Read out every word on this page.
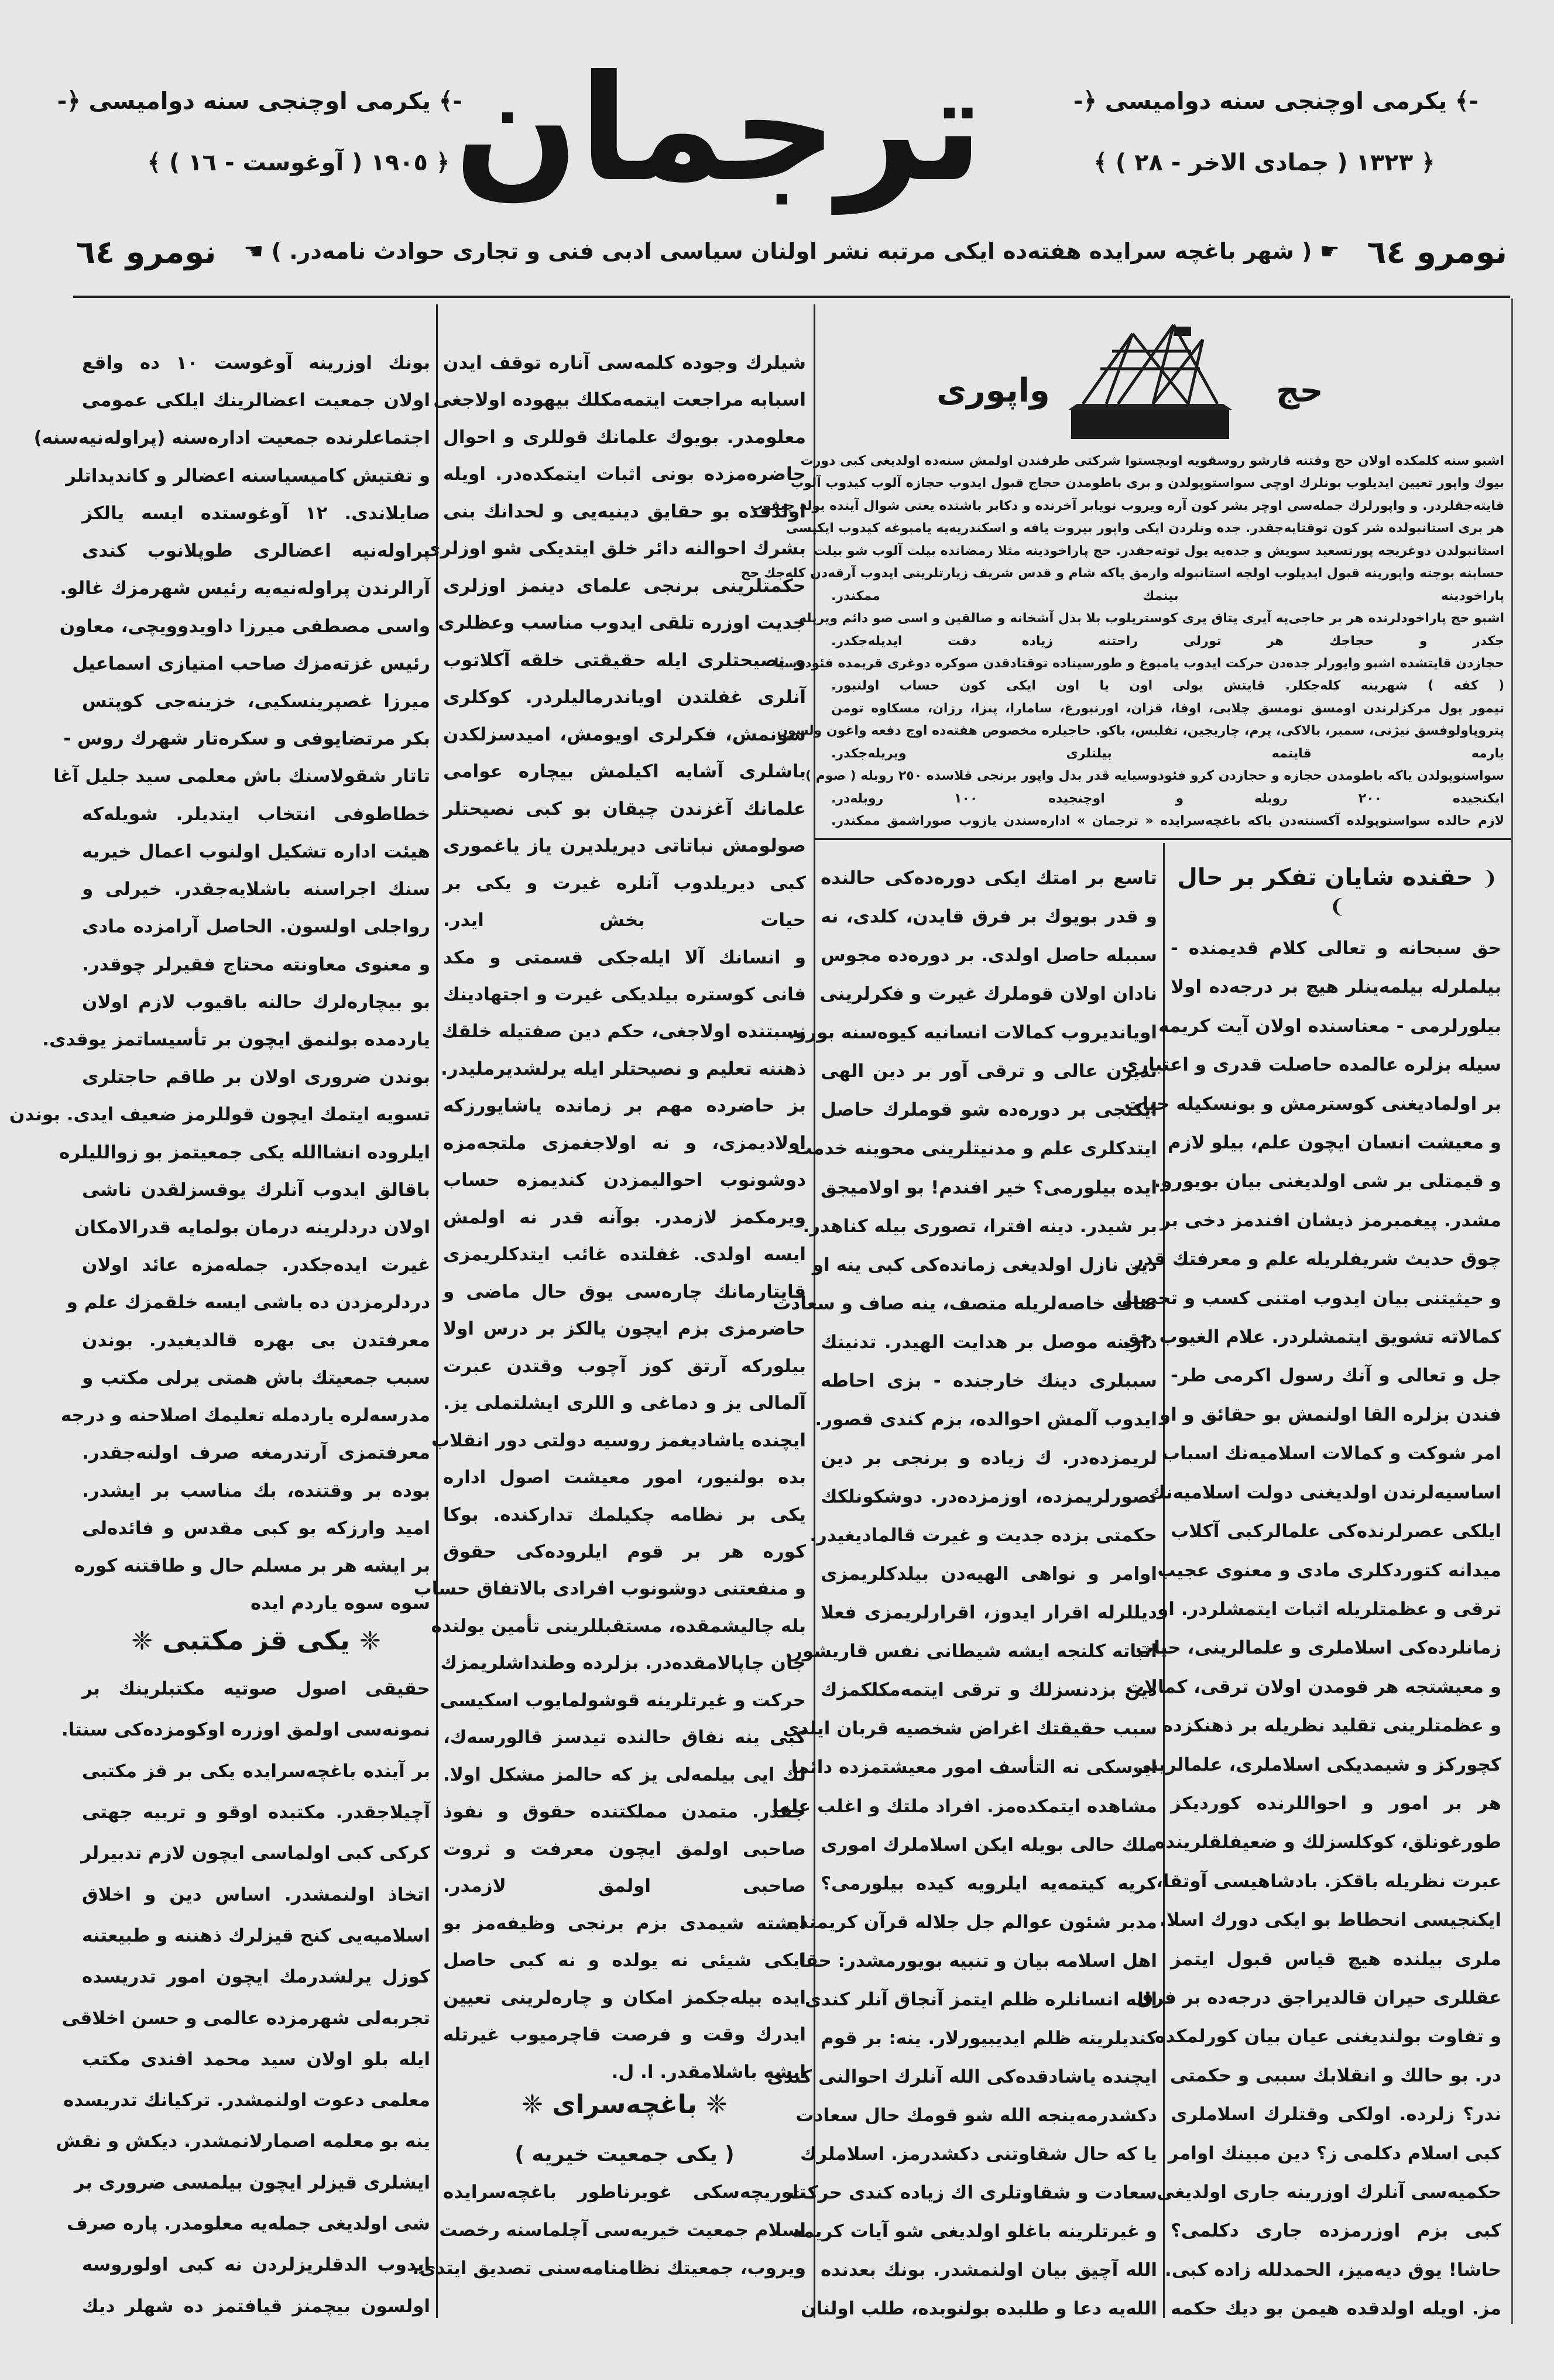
-﴾ یکرمی اوچنجی سنه دوامیسی ﴿-
﴿ ١٩٠٥ ( آوغوست - ١٦ ) ﴾ ترجمان	-﴾ یکرمی اوچنجی سنه دوامیسی ﴿-
﴿ ١٣٢٣ ( جمادی الاخر - ٢٨ ) ﴾
نومرو ٦٤
☛ ( شهر باغچه سرایده هفته‌ده ایکی مرتبه نشر اولنان سیاسی ادبی فنی و تجاری حوادث نامه‌در. ) ☚
نومرو ٦٤
حج
واپوری
اشبو سنه کلمکده اولان حج وقتنه قارشو روسقویه اوبچستوا شرکتی طرفندن اولمش سنه‌ده اولدیغی کبی دورت
بیوك واپور تعیین ایدیلوب بونلرك اوچی سواستوپولدن و بری باطومدن حجاج قبول ایدوب حجازه آلوب کیدوب آلوب
قایته‌جقلردر. و واپورلرك جمله‌سی اوچر بشر کون آره ویروب نویابر آخرنده و دکابر باشنده یعنی شوال آینده یوله چیقوب
هر بری استانبولده شر کون توقتایه‌جقدر. جده ونلردن ایکی واپور بیروت یافه و اسکندریه‌یه یامبوغه کیدوب ایکیسی
استانبولدن دوغریجه پورتسعید سویش و جده‌یه یول توته‌جقدر. حج پاراخودینه مثلا رمضانده بیلت آلوب شو بیلت
حسابنه بوجته واپورینه قبول ایدیلوب اولجه استانبوله وارمق یاکه شام و قدس شریف زیارتلرینی ایدوب آرقه‌دن کله‌جك حج
پاراخودینه بینمك ممکندر.
اشبو حج پاراخودلرنده هر بر حاجی‌یه آیری یتاق یری کوستریلوب بلا بدل آشخانه و صالقین و اسی صو دائم ویریله
جکدر و حجاجك هر تورلی راحتنه زیاده دقت ایدیله‌جکدر.
حجازدن قایتشده اشبو واپورلر جده‌دن حرکت ایدوب یامبوغ و طورسیناده توقتادقدن صوکره دوغری قریمده فئودوسیا
( کفه ) شهرینه کله‌جکلر. قایتش یولی اون یا اون ایکی کون حساب اولنیور.
تیمور یول مرکزلرندن اومسق تومسق چلابی، اوفا، قزان، اورنبورغ، سامارا، پنزا، رزان، مسکاوه تومن
پتروپاولوفسق نیژنی، سمبر، بالاکی، پرم، چاریجین، تفلیس، باکو. حاجیلره مخصوص هفته‌ده اوچ دفعه واغون ولسون
بارمه قایتمه بیلتلری ویریله‌جکدر.
سواستوپولدن یاکه باطومدن حجازه و حجازدن کرو فئودوسیایه قدر بدل واپور برنجی قلاسده ٢٥٠ روبله ( صوم )
ایکنجیده ٢٠٠ روبله و اوچنجیده ١٠٠ روبله‌در.
لازم حالده سواستوپولده آکسنته‌دن یاکه باغچه‌سرایده « ترجمان » اداره‌سندن یازوب صوراشمق ممکندر.
❨ حقنده شایان تفکر بر حال ❩
حق سبحانه و تعالی کلام قدیمنده -
بیلملرله بیلمه‌ینلر هیچ بر درجه‌ده اولا
بیلورلرمی - معناسنده اولان آیت کریمه
سیله بزلره عالمده حاصلت قدری و اعتباری
بر اولمادیغنی کوسترمش و بونسکیله حیات
و معیشت انسان ایچون علم، بیلو لازم
و قیمتلی بر شی اولدیغنی بیان بویورو.
مشدر. پیغمبرمز ذیشان افندمز دخی بر
چوق حدیث شریفلریله علم و معرفتك قدر
و حیثیتنی بیان ایدوب امتنی کسب و تحصیل
کمالاته تشویق ایتمشلردر. علام الغیوب حق
جل و تعالی و آنك رسول اکرمی طر-
فندن بزلره القا اولنمش بو حقائق و او
امر شوکت و کمالات اسلامیه‌نك اسباب
اساسیه‌لرندن اولدیغنی دولت اسلامیه‌نك
ایلکی عصرلرنده‌کی علمالرکبی آکلاب
میدانه کتوردکلری مادی و معنوی عجیب
ترقی و عظمتلریله اثبات ایتمشلردر. او
زمانلرده‌کی اسلاملری و علمالرینی، حیات
و معیشتجه هر قومدن اولان ترقی، کمالات
و عظمتلرینی تقلید نظریله بر ذهنکزده
کچورکز و شیمدیکی اسلاملری، علمالرینی
هر بر امور و احواللرنده کوردیکز
طورغونلق، کوکلسزلك و ضعیفلقلرینده
عبرت نظریله باقکز. بادشاهیسی آوتقا،
ایکنجیسی انحطاط بو ایکی دورك اسلا.
ملری بیلنده هیچ قیاس قبول ایتمز
عقللری حیران قالدیراجق درجه‌ده بر فرق
و تفاوت بولندیغنی عیان بیان کورلمکده
در. بو حالك و انقلابك سببی و حکمتی
ندر؟ زلرده. اولکی وقتلرك اسلاملری
کبی اسلام دکلمی ز؟ دین مبینك اوامر
حکمیه‌سی آنلرك اوزرینه جاری اولدیغی
کبی بزم اوزرمزده جاری دکلمی؟
حاشا! یوق دیه‌میز، الحمدلله زاده کبی.
مز. اویله اولدقده هیمن بو دیك حکمه
تاسع بر امتك ایکی دوره‌ده‌کی حالنده
و قدر بویوك بر فرق قایدن، کلدی، نه
سببله حاصل اولدی. بر دوره‌ده مجوس
نادان اولان قوملرك غیرت و فکرلرینی
اویاندیروب کمالات انسانیه کیوه‌سنه بورو.
تدیرن عالی و ترقی آور بر دین الهی
ایکنجی بر دوره‌ده شو قوملرك حاصل
ایتدکلری علم و مدنیتلرینی محوینه خدمت
ایده بیلورمی؟ خیر افندم! بو اولامیجق
بر شیدر. دینه افترا، تصوری بیله کناهدر.
دین نازل اولدیغی زمانده‌کی کبی ینه او
صاف خاصه‌لریله متصف، ینه صاف و سعادت
دارینه موصل بر هدایت الهیدر. تدنینك
سببلری دینك خارجنده - بزی احاطه
ایدوب آلمش احوالده، بزم کندی قصور.
لریمزده‌در. ك زیاده و برنجی بر دین
تصورلریمزده، اوزمزده‌در. دوشکونلکك
حکمتی بزده جدیت و غیرت قالمادیغیدر.
اوامر و نواهی الهیه‌دن بیلدکلریمزی
دیللرله اقرار ایدوز، اقرارلریمزی فعلا
اثباته کلنجه ایشه شیطانی نفس قاریشور.
دین بزدنسزلك و ترقی ایتمه‌مکلکمزك
سبب حقیقتك اغراض شخصیه قربان ایلدی
ایرسکی نه التأسف امور معیشتمزده دائما
مشاهده ایتمکده‌مز. افراد ملتك و اغلب علما
ملك حالی بویله ایکن اسلاملرك اموری
کریه کیتمه‌یه ایلرویه کیده بیلورمی؟
مدبر شئون عوالم جل جلاله قرآن کریمنده
اهل اسلامه بیان و تنبیه بویورمشدر: حقا
الله انسانلره ظلم ایتمز آنجاق آنلر کندی
کندیلرینه ظلم ایدیبیورلار. ینه: بر قوم
ایچنده یاشادقده‌کی الله آنلرك احوالنی کندی
دکشدرمه‌ینجه الله شو قومك حال سعادت
یا که حال شقاوتنی دکشدرمز. اسلاملرك
سعادت و شقاوتلری اك زیاده کندی حرکت
و غیرتلرینه باغلو اولدیغی شو آیات کریمه
الله آچیق بیان اولنمشدر. بونك بعدنده
الله‌یه دعا و طلبده بولنوبده، طلب اولنان
شیلرك وجوده کلمه‌سی آناره توقف ایدن
اسبابه مراجعت ایتمه‌مکلك بیهوده اولاجغی
معلومدر. بویوك علمانك قوللری و احوال
حاضره‌مزده بونی اثبات ایتمکده‌در. اویله
اولدقده بو حقایق دینیه‌یی و لحدانك بنی
بشرك احوالنه دائر خلق ایتدیکی شو اوزلری
حکمتلرینی برنجی علمای دینمز اوزلری
جدیت اوزره تلقی ایدوب مناسب وعظلری
و نصیحتلری ایله حقیقتی خلقه آکلاتوب
آنلری غفلتدن اویاندرمالیلردر. کوکلری
سونمش، فکرلری اویومش، امیدسزلکدن
باشلری آشایه اکیلمش بیچاره عوامی
علمانك آغزندن چیقان بو کبی نصیحتلر
صولومش نباتاتی دیریلدیرن یاز یاغموری
کبی دیریلدوب آنلره غیرت و یکی بر
حیات بخش ایدر.
و انسانك آلا ایله‌جکی قسمتی و مکد
فانی کوستره بیلدیکی غیرت و اجتهادینك
نسبتنده اولاجغی، حکم دین صفتیله خلقك
ذهننه تعلیم و نصیحتلر ایله یرلشدیرملیدر.
بز حاضرده مهم بر زمانده یاشایورزکه
اولادیمزی، و نه اولاجغمزی ملتجه‌مزه
دوشونوب احوالیمزدن کندیمزه حساب
ویرمکمز لازمدر. بوآنه قدر نه اولمش
ایسه اولدی. غفلتده غائب ایتدکلریمزی
قایتارمانك چاره‌سی یوق حال ماضی و
حاضرمزی بزم ایچون یالکز بر درس اولا
بیلورکه آرتق کوز آچوب وقتدن عبرت
آلمالی یز و دماغی و اللری ایشلتملی یز.
ایچنده یاشادیغمز روسیه دولتی دور انقلاب
بده بولنیور، امور معیشت اصول اداره
یکی بر نظامه چکیلمك تدارکنده. بوکا
کوره هر بر قوم ایلروده‌کی حقوق
و منفعتنی دوشونوب افرادی بالاتفاق حساب
بله چالیشمقده، مستقبللرینی تأمین یولنده
جان چاپالامقده‌در. بزلرده وطنداشلریمزك
حرکت و غیرتلرینه قوشولمایوب اسکیسی
کبی ینه نفاق حالنده تیدسز قالورسه‌ك،
لك ایی بیلمه‌لی یز که حالمز مشکل اولا.
جقدر. متمدن مملکتنده حقوق و نفوذ
صاحبی اولمق ایچون معرفت و ثروت
صاحبی اولمق لازمدر.
ایشته شیمدی بزم برنجی وظیفه‌مز بو
ایکی شیئی نه یولده و نه کبی حاصل
ایده بیله‌جکمز امکان و چاره‌لرینی تعیین
ایدرك وقت و فرصت قاچرمیوب غیرتله
ایشه باشلامقدر. ا. ل.
❈ باغچه‌سرای ❈
( یکی جمعیت خیریه )
تاوریچه‌سکی غوبرناطور باغچه‌سرایده
اسلام جمعیت خیریه‌سی آچلماسنه رخصت
ویروب، جمعیتك نظامنامه‌سنی تصدیق ایتدی.
بونك اوزرینه آوغوست ١٠ ده واقع
اولان جمعیت اعضالرینك ایلكی عمومی
اجتماعلرنده جمعیت اداره‌سنه (پراوله‌نیه‌سنه)
و تفتیش کامیسیاسنه اعضالر و کاندیداتلر
صایلاندی. ١٢ آوغوستده ایسه یالکز
پراوله‌نیه اعضالری طوپلانوب کندی
آرالرندن پراوله‌نیه‌یه رئیس شهرمزك غالو.
واسی مصطفی میرزا داویدوویچی، معاون
رئیس غزته‌مزك صاحب امتیازی اسماعیل
میرزا غصپرینسکیی، خزینه‌جی کوپتس
بکر مرتضایوفی و سکره‌تار شهرك روس -
تاتار شقولاسنك باش معلمی سید جلیل آغا
خطاطوفی انتخاب ایتدیلر. شویله‌که
هیئت اداره تشکیل اولنوب اعمال خیریه
سنك اجراسنه باشلایه‌جقدر. خیرلی و
رواجلی اولسون. الحاصل آرامزده مادی
و معنوی معاونته محتاج فقیرلر چوقدر.
بو بیچاره‌لرك حالنه باقیوب لازم اولان
یاردمده بولنمق ایچون بر تأسیساتمز یوقدی.
بوندن ضروری اولان بر طاقم حاجتلری
تسویه ایتمك ایچون قوللرمز ضعیف ایدی. بوندن
ایلروده انشاالله یکی جمعیتمز بو زواللیلره
باقالق ایدوب آنلرك یوقسزلقدن ناشی
اولان دردلرینه درمان بولمایه قدرالامکان
غیرت ایده‌جکدر. جمله‌مزه عائد اولان
دردلرمزدن ده باشی ایسه خلقمزك علم و
معرفتدن بی بهره قالدیغیدر. بوندن
سبب جمعیتك باش همتی یرلی مکتب و
مدرسه‌لره یاردمله تعلیمك اصلاحنه و درجه
معرفتمزی آرتدرمغه صرف اولنه‌جقدر.
بوده بر وقتنده، بك مناسب بر ایشدر.
امید وارزکه بو کبی مقدس و فائده‌لی
بر ایشه هر بر مسلم حال و طاقتنه کوره
سوه سوه یاردم ایده
❈ یکی قز مکتبی ❈
حقیقی اصول صوتیه مکتبلرینك بر
نمونه‌سی اولمق اوزره اوکومزده‌کی سنتا.
بر آینده باغچه‌سرایده یکی بر قز مکتبی
آچیلاجقدر. مکتبده اوقو و تربیه جهتی
کرکی کبی اولماسی ایچون لازم تدبیرلر
اتخاذ اولنمشدر. اساس دین و اخلاق
اسلامیه‌یی کنج قیزلرك ذهننه و طبیعتنه
کوزل یرلشدرمك ایچون امور تدریسده
تجربه‌لی شهرمزده عالمی و حسن اخلاقی
ایله بلو اولان سید محمد افندی مکتب
معلمی دعوت اولنمشدر. ترکیانك تدریسده
ینه بو معلمه اصمارلانمشدر. دیکش و نقش
ایشلری قیزلر ایچون بیلمسی ضروری بر
شی اولدیغی جمله‌یه معلومدر. پاره صرف
ایدوب الدقلریزلردن نه کبی اولوروسه
اولسون بیچمنز قیافتمز ده شهلر دیك
